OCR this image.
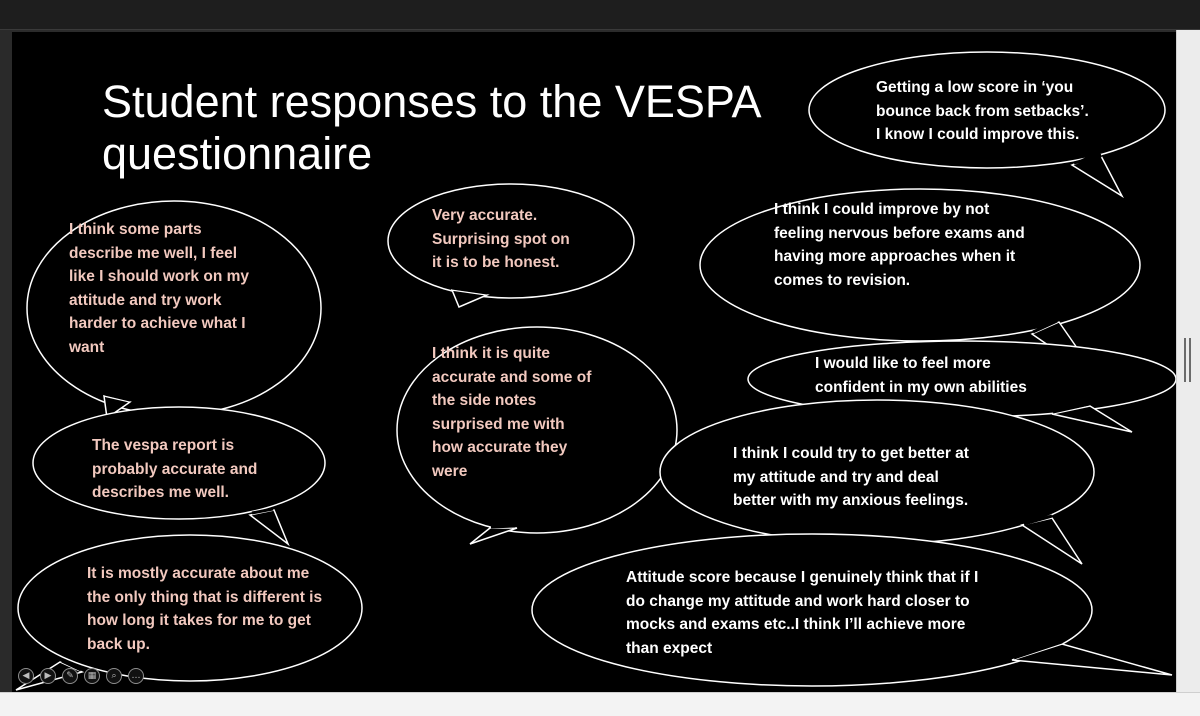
Student responses to the VESPA questionnaire
Getting a low score in ‘you
bounce back from setbacks’.
I know I could improve this.
I think some parts
describe me well, I feel
like I should work on my
attitude and try work
harder to achieve what I
want
Very accurate.
Surprising spot on
it is to be honest.
I think I could improve by not
feeling nervous before exams and
having more approaches when it
comes to revision.
I think it is quite
accurate and some of
the side notes
surprised me with
how accurate they
were
I would like to feel more
confident in my own abilities
The vespa report is
probably accurate and
describes me well.
I think I could try to get better at
my attitude and try and deal
better with my anxious feelings.
It is mostly accurate about me
the only thing that is different is
how long it takes for me to get
back up.
Attitude score because I genuinely think that if I
do change my attitude and work hard closer to
mocks and exams etc..I think I’ll achieve more
than expect
◀	▶	✎	▦	⌕	…
